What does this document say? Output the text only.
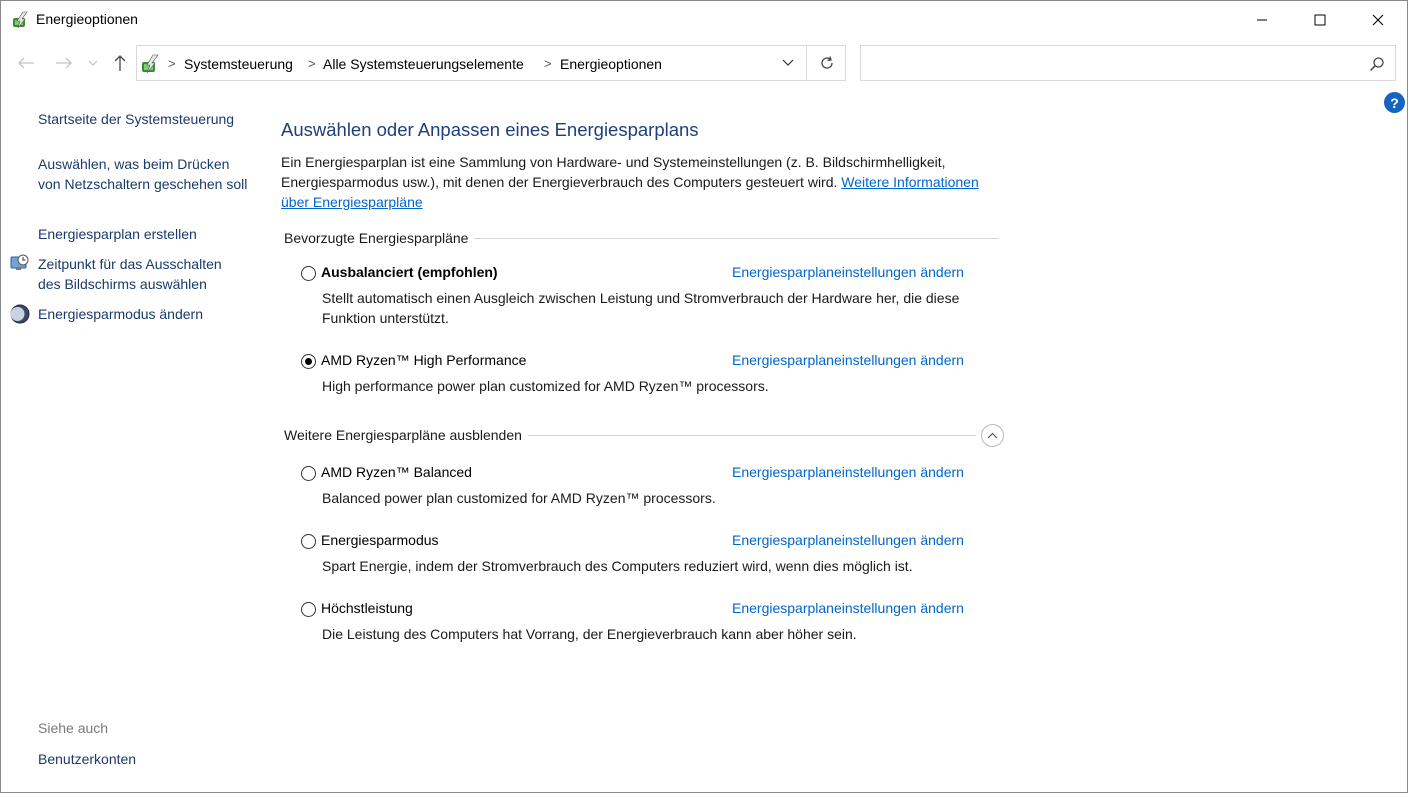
Energieoptionen
> Systemsteuerung > Alle Systemsteuerungselemente > Energieoptionen
?
Startseite der Systemsteuerung
Auswählen, was beim Drücken von Netzschaltern geschehen soll
Energiesparplan erstellen
Zeitpunkt für das Ausschalten des Bildschirms auswählen
Energiesparmodus ändern
Siehe auch
Benutzerkonten
Auswählen oder Anpassen eines Energiesparplans
Ein Energiesparplan ist eine Sammlung von Hardware- und Systemeinstellungen (z. B. Bildschirmhelligkeit, Energiesparmodus usw.), mit denen der Energieverbrauch des Computers gesteuert wird. Weitere Informationen über Energiesparpläne
Bevorzugte Energiesparpläne
Ausbalanciert (empfohlen)	Energiesparplaneinstellungen ändern
Stellt automatisch einen Ausgleich zwischen Leistung und Stromverbrauch der Hardware her, die diese Funktion unterstützt.
AMD Ryzen™ High Performance	Energiesparplaneinstellungen ändern
High performance power plan customized for AMD Ryzen™ processors.
Weitere Energiesparpläne ausblenden
AMD Ryzen™ Balanced	Energiesparplaneinstellungen ändern
Balanced power plan customized for AMD Ryzen™ processors.
Energiesparmodus	Energiesparplaneinstellungen ändern
Spart Energie, indem der Stromverbrauch des Computers reduziert wird, wenn dies möglich ist.
Höchstleistung	Energiesparplaneinstellungen ändern
Die Leistung des Computers hat Vorrang, der Energieverbrauch kann aber höher sein.
